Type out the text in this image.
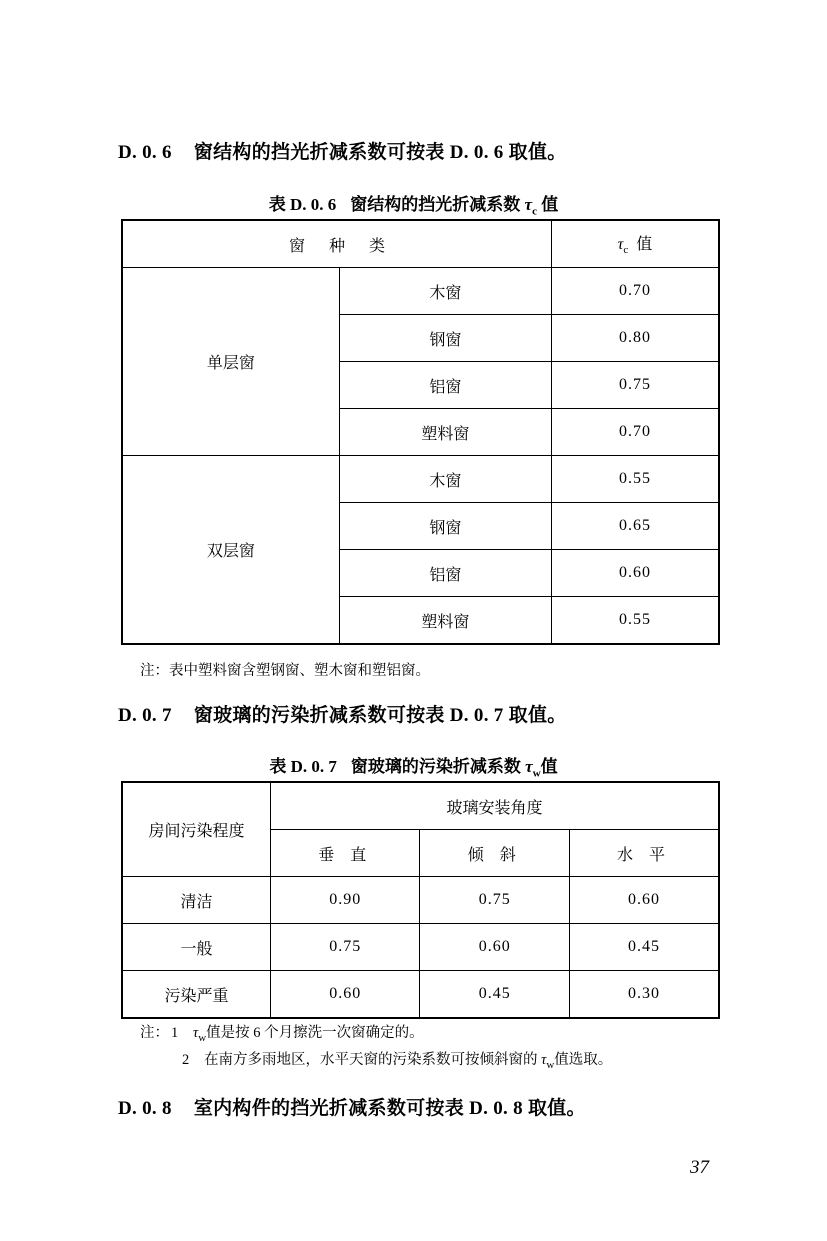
D. 0. 6 窗结构的挡光折减系数可按表 D. 0. 6 取值。

表 D. 0. 6 窗结构的挡光折减系数 $\tau_c$ 值

窗 种 类		$\tau_c$ 值
单层窗	木窗	0.70
	钢窗	0.80
	铝窗	0.75
	塑料窗	0.70
双层窗	木窗	0.55
	钢窗	0.65
	铝窗	0.60
	塑料窗	0.55

注：表中塑料窗含塑钢窗、塑木窗和塑铝窗。

D. 0. 7 窗玻璃的污染折减系数可按表 D. 0. 7 取值。

表 D. 0. 7 窗玻璃的污染折减系数 $\tau_w$值

房间污染程度	玻璃安装角度		
	垂 直	倾 斜	水 平
清洁	0.90	0.75	0.60
一般	0.75	0.60	0.45
污染严重	0.60	0.45	0.30
注： 1	$\tau_w$值是按 6 个月擦洗一次窗确定的。
2	在南方多雨地区，水平天窗的污染系数可按倾斜窗的 $\tau_w$值选取。
D. 0. 8 室内构件的挡光折减系数可按表 D. 0. 8 取值。
37
